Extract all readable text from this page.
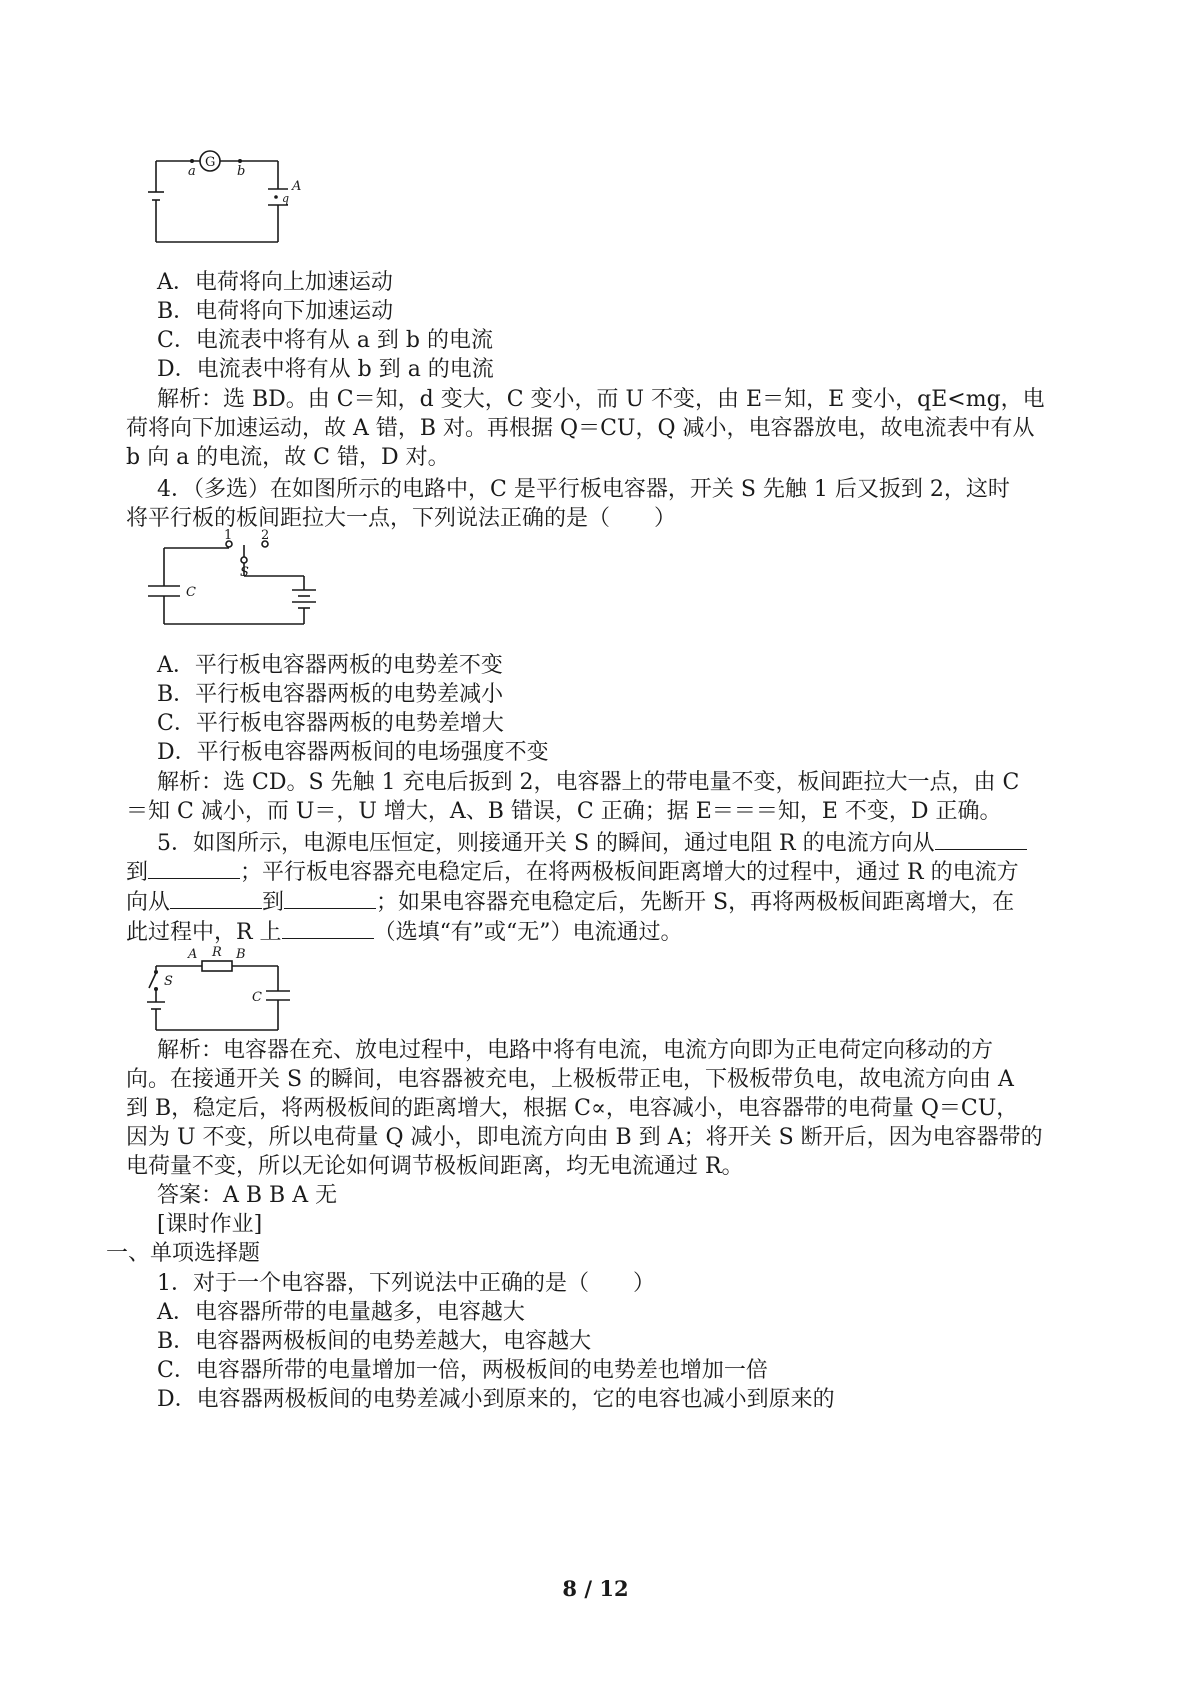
G
a	b
A
q
A．电荷将向上加速运动
B．电荷将向下加速运动
C．电流表中将有从 a 到 b 的电流
D．电流表中将有从 b 到 a 的电流
解析：选 BD。由 C＝知，d 变大，C 变小，而 U 不变，由 E＝知，E 变小，qE<mg，电
荷将向下加速运动，故 A 错，B 对。再根据 Q＝CU，Q 减小，电容器放电，故电流表中有从
b 向 a 的电流，故 C 错，D 对。
4．（多选）在如图所示的电路中，C 是平行板电容器，开关 S 先触 1 后又扳到 2，这时
将平行板的板间距拉大一点，下列说法正确的是（　　）
1 2
S
C
A．平行板电容器两板的电势差不变
B．平行板电容器两板的电势差减小
C．平行板电容器两板的电势差增大
D．平行板电容器两板间的电场强度不变
解析：选 CD。S 先触 1 充电后扳到 2，电容器上的带电量不变，板间距拉大一点，由 C
＝知 C 减小，而 U＝，U 增大，A、B 错误，C 正确；据 E＝＝＝知，E 不变，D 正确。
5．如图所示，电源电压恒定，则接通开关 S 的瞬间，通过电阻 R 的电流方向从
到	；平行板电容器充电稳定后，在将两极板间距离增大的过程中，通过 R 的电流方
向从	到	；如果电容器充电稳定后，先断开 S，再将两极板间距离增大，在
此过程中，R 上	（选填“有”或“无”）电流通过。
A R B
S
C
解析：电容器在充、放电过程中，电路中将有电流，电流方向即为正电荷定向移动的方
向。在接通开关 S 的瞬间，电容器被充电，上极板带正电，下极板带负电，故电流方向由 A
到 B，稳定后，将两极板间的距离增大，根据 C∝，电容减小，电容器带的电荷量 Q＝CU，
因为 U 不变，所以电荷量 Q 减小，即电流方向由 B 到 A；将开关 S 断开后，因为电容器带的
电荷量不变，所以无论如何调节极板间距离，均无电流通过 R。
答案：A B B A 无
[课时作业]
一、单项选择题
1．对于一个电容器，下列说法中正确的是（　　）
A．电容器所带的电量越多，电容越大
B．电容器两极板间的电势差越大，电容越大
C．电容器所带的电量增加一倍，两极板间的电势差也增加一倍
D．电容器两极板间的电势差减小到原来的，它的电容也减小到原来的
8 / 12
